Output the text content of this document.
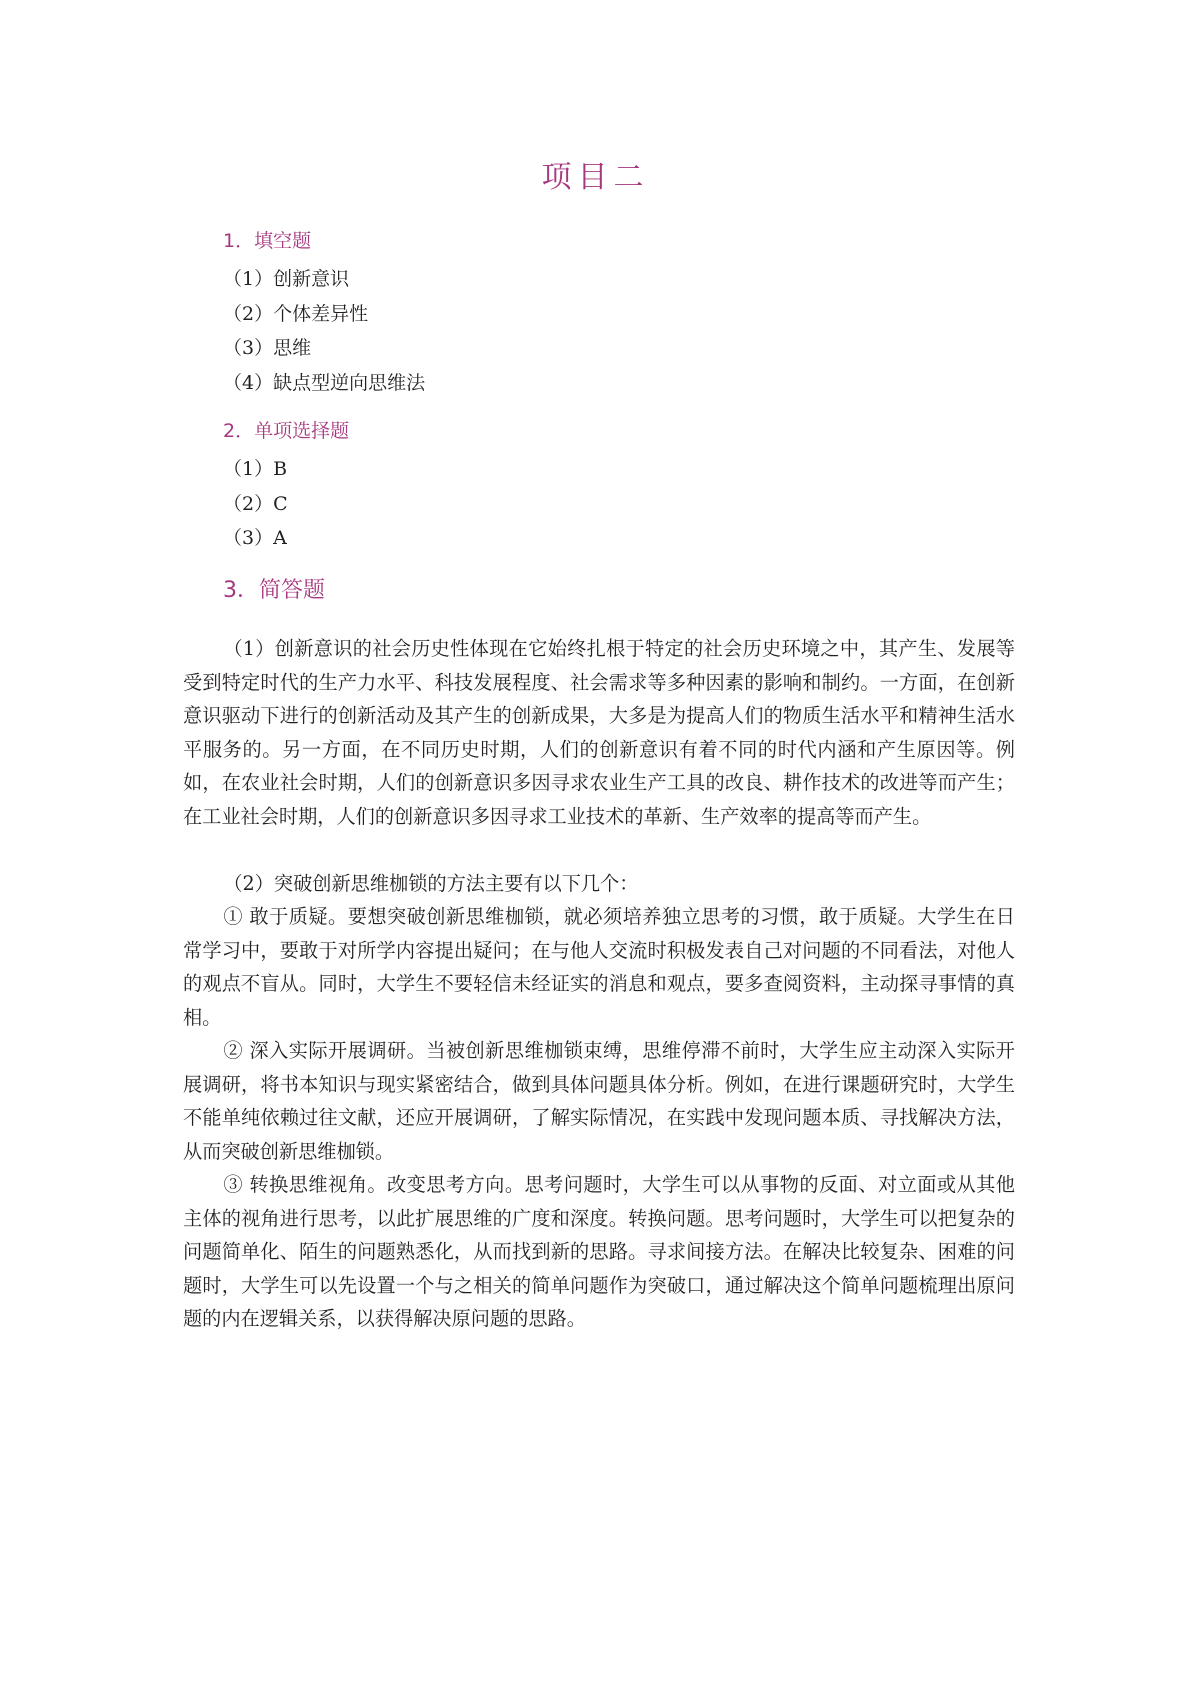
项目二
1．填空题
（1）创新意识
（2）个体差异性
（3）思维
（4）缺点型逆向思维法
2．单项选择题
（1）B
（2）C
（3）A
3．简答题

（1）创新意识的社会历史性体现在它始终扎根于特定的社会历史环境之中，其产生、发展等受到特定时代的生产力水平、科技发展程度、社会需求等多种因素的影响和制约。一方面，在创新意识驱动下进行的创新活动及其产生的创新成果，大多是为提高人们的物质生活水平和精神生活水平服务的。另一方面，在不同历史时期，人们的创新意识有着不同的时代内涵和产生原因等。例如，在农业社会时期，人们的创新意识多因寻求农业生产工具的改良、耕作技术的改进等而产生；在工业社会时期，人们的创新意识多因寻求工业技术的革新、生产效率的提高等而产生。

（2）突破创新思维枷锁的方法主要有以下几个：

① 敢于质疑。要想突破创新思维枷锁，就必须培养独立思考的习惯，敢于质疑。大学生在日常学习中，要敢于对所学内容提出疑问；在与他人交流时积极发表自己对问题的不同看法，对他人的观点不盲从。同时，大学生不要轻信未经证实的消息和观点，要多查阅资料，主动探寻事情的真相。

② 深入实际开展调研。当被创新思维枷锁束缚，思维停滞不前时，大学生应主动深入实际开展调研，将书本知识与现实紧密结合，做到具体问题具体分析。例如，在进行课题研究时，大学生不能单纯依赖过往文献，还应开展调研，了解实际情况，在实践中发现问题本质、寻找解决方法，从而突破创新思维枷锁。

③ 转换思维视角。改变思考方向。思考问题时，大学生可以从事物的反面、对立面或从其他主体的视角进行思考，以此扩展思维的广度和深度。转换问题。思考问题时，大学生可以把复杂的问题简单化、陌生的问题熟悉化，从而找到新的思路。寻求间接方法。在解决比较复杂、困难的问题时，大学生可以先设置一个与之相关的简单问题作为突破口，通过解决这个简单问题梳理出原问题的内在逻辑关系，以获得解决原问题的思路。
